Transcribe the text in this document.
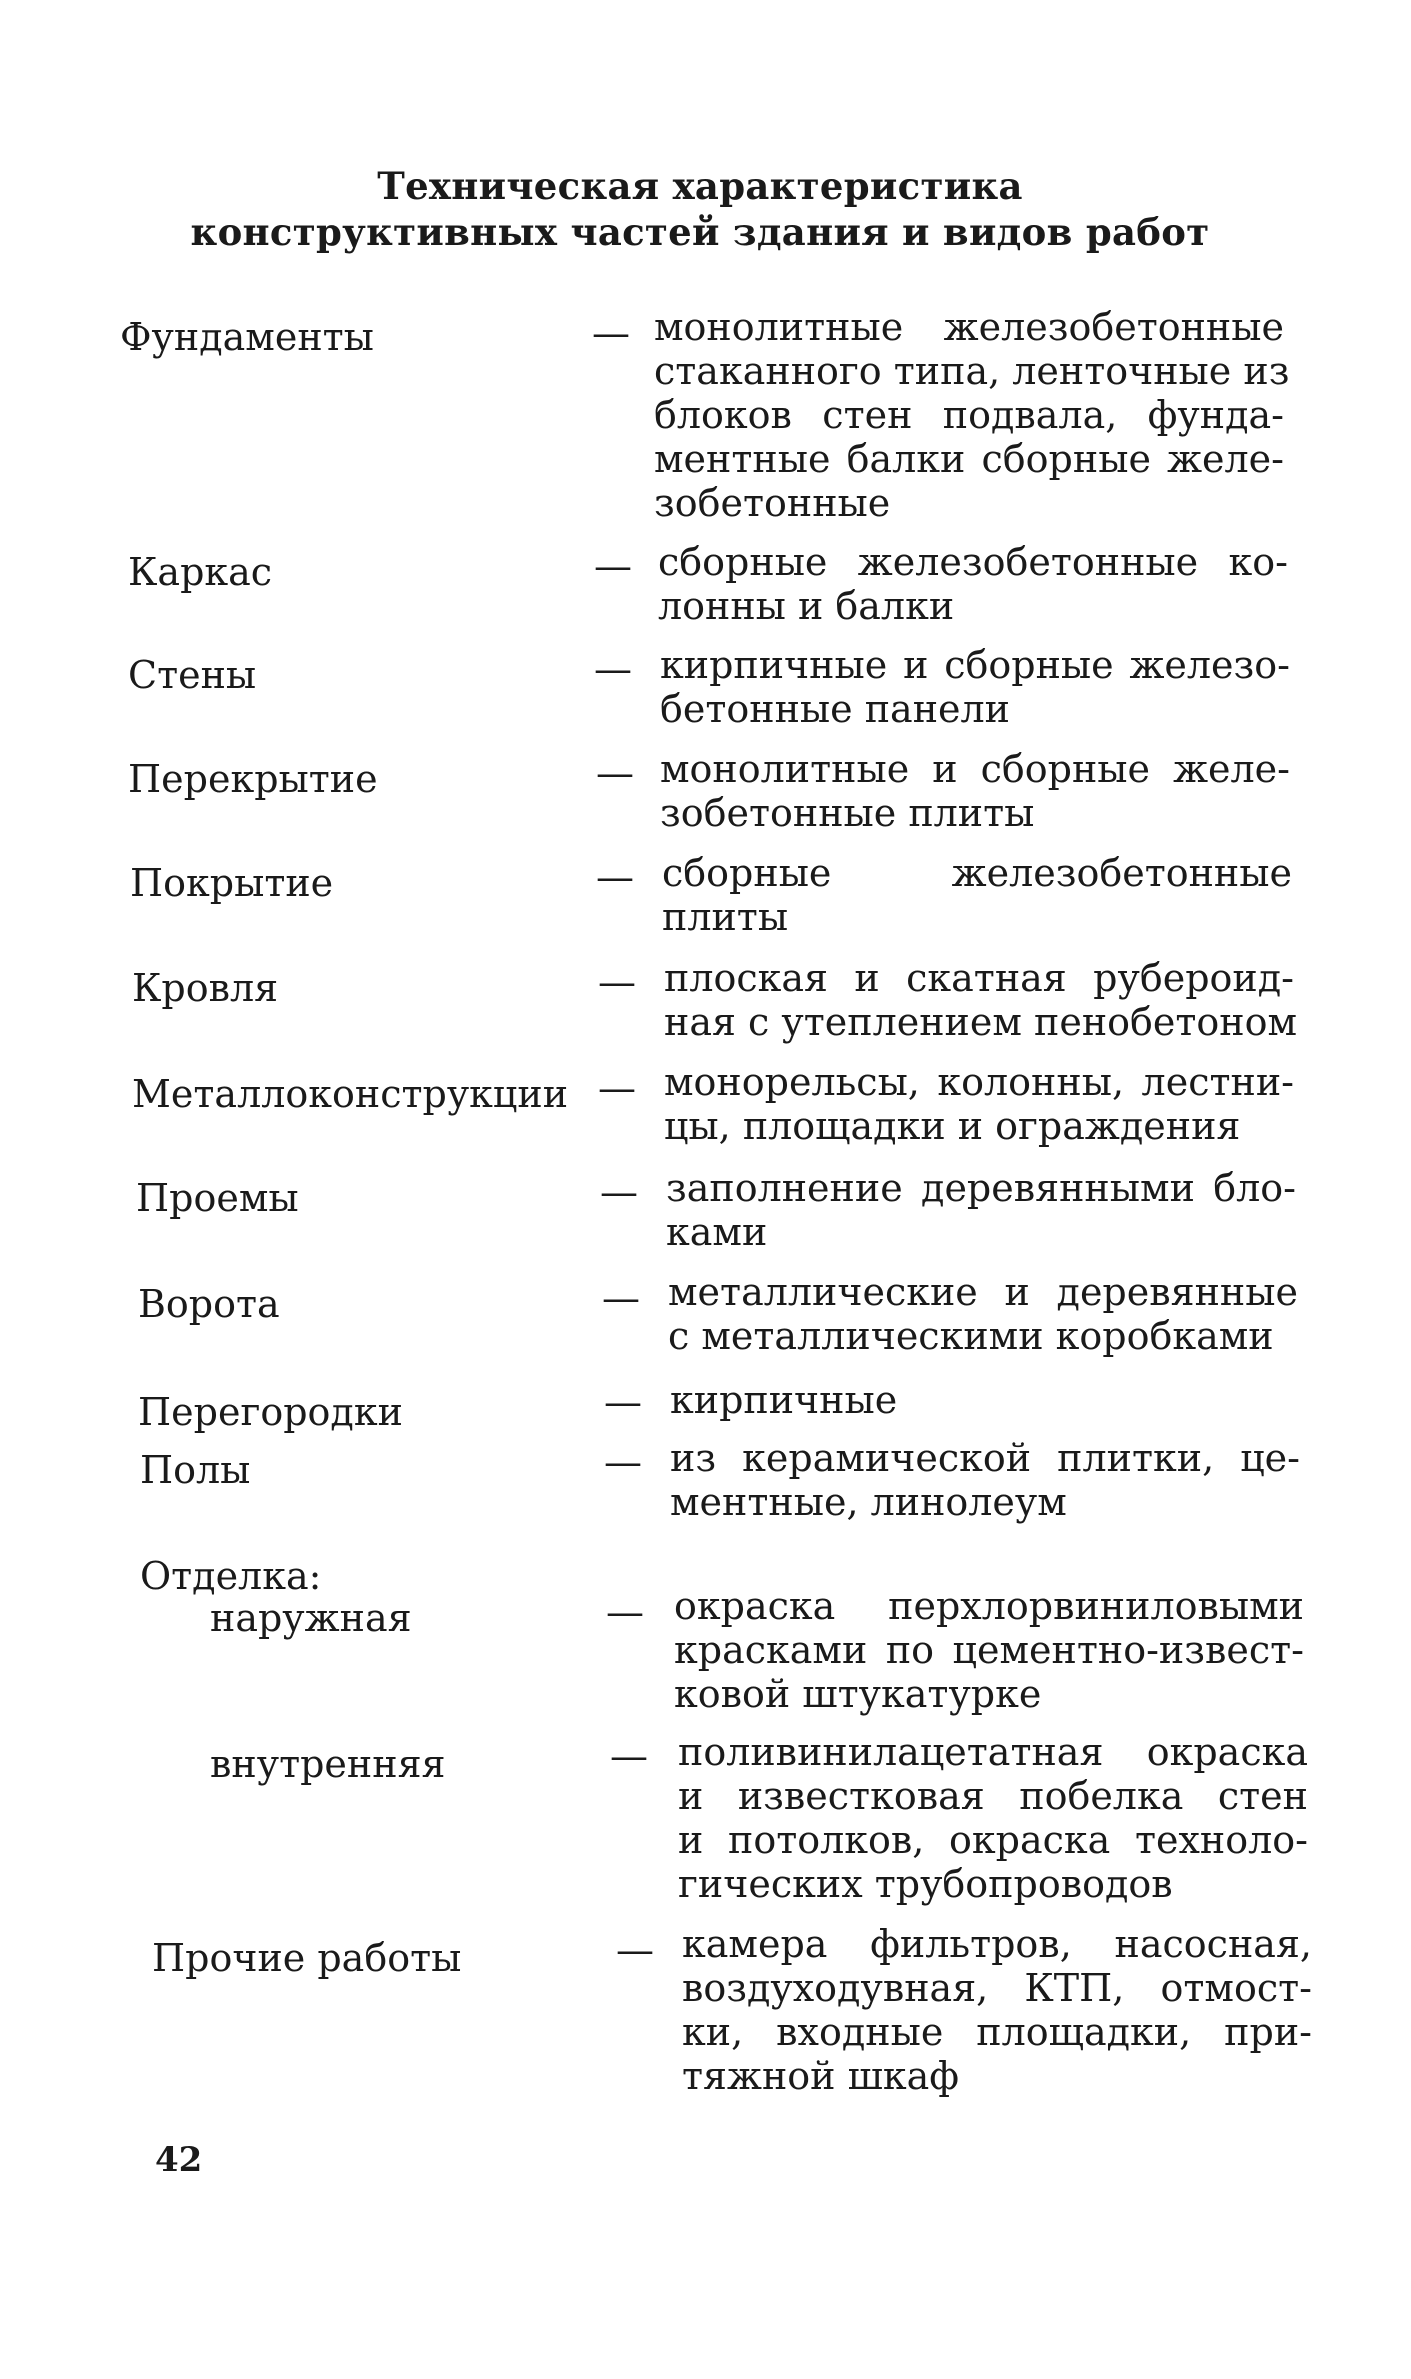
Техническая характеристика
конструктивных частей здания и видов работ
Фундаменты	— монолитные железобетонные
стаканного типа, ленточные из
блоков стен подвала, фунда-
ментные балки сборные желе-
зобетонные
Каркас	— сборные железобетонные ко-
лонны и балки
Стены	— кирпичные и сборные железо-
бетонные панели
Перекрытие	— монолитные и сборные желе-
зобетонные плиты
Покрытие	— сборные железобетонные
плиты
Кровля	— плоская и скатная рубероид-
ная с утеплением пенобетоном
Металлоконструкции — монорельсы, колонны, лестни-
цы, площадки и ограждения
Проемы	— заполнение деревянными бло-
ками
Ворота	— металлические и деревянные
с металлическими коробками
Перегородки	— кирпичные
Полы	— из керамической плитки, це-
ментные, линолеум
Отделка:
наружная	— окраска перхлорвиниловыми
красками по цементно-извест-
ковой штукатурке
внутренняя	— поливинилацетатная окраска
и известковая побелка стен
и потолков, окраска техноло-
гических трубопроводов
Прочие работы	— камера фильтров, насосная,
воздуходувная, КТП, отмост-
ки, входные площадки, при-
тяжной шкаф
42
